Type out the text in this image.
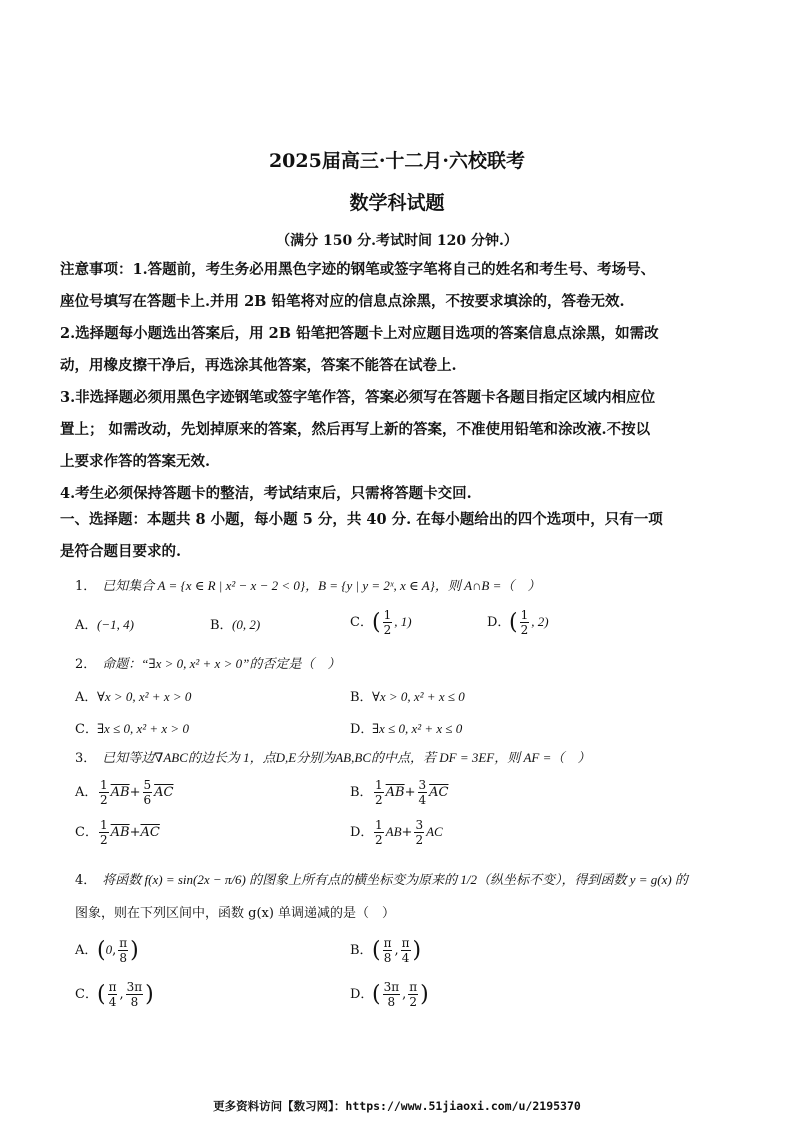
2025届高三·十二月·六校联考
数学科试题
（满分 150 分.考试时间 120 分钟.）
注意事项：1.答题前，考生务必用黑色字迹的钢笔或签字笔将自己的姓名和考生号、考场号、
座位号填写在答题卡上.并用 2B 铅笔将对应的信息点涂黑，不按要求填涂的，答卷无效.
2.选择题每小题选出答案后，用 2B 铅笔把答题卡上对应题目选项的答案信息点涂黑，如需改
动，用橡皮擦干净后，再选涂其他答案，答案不能答在试卷上.
3.非选择题必须用黑色字迹钢笔或签字笔作答，答案必须写在答题卡各题目指定区域内相应位
置上； 如需改动，先划掉原来的答案，然后再写上新的答案，不准使用铅笔和涂改液.不按以
上要求作答的答案无效.
4.考生必须保持答题卡的整洁，考试结束后，只需将答题卡交回.
一、选择题：本题共 8 小题，每小题 5 分，共 40 分. 在每小题给出的四个选项中，只有一项
是符合题目要求的.
1． 已知集合 A = {x ∈ R | x² − x − 2 < 0}，B = {y | y = 2ˣ, x ∈ A}，则 A∩B =（　）
A．(−1, 4)	B．(0, 2)	C．( $\frac{1}{2}$ , 1)	D．( $\frac{1}{2}$ , 2)
2． 命题：“∃x > 0, x² + x > 0”的否定是（　）
A．∀x > 0, x² + x > 0	B．∀x > 0, x² + x ≤ 0
C．∃x ≤ 0, x² + x > 0	D．∃x ≤ 0, x² + x ≤ 0
3． 已知等边∇ABC的边长为 1，点D,E分别为AB,BC的中点，若 DF = 3EF，则 AF =（　）
A． $\frac{1}{2} \overline{AB}+ \frac{5}{6} \overline{AC}$	B． $\frac{1}{2} \overline{AB}+ \frac{3}{4} \overline{AC}$
C． $\frac{1}{2} \overline{AB}+\overline{AC}$	D． $\frac{1}{2} AB+ \frac{3}{2}$ AC
4． 将函数 f(x) = sin(2x − π/6) 的图象上所有点的横坐标变为原来的 1/2（纵坐标不变），得到函数 y = g(x) 的
图象，则在下列区间中，函数 g(x) 单调递减的是（　）
A．(0, $\frac{\pi}{8}$ )	B．( $\frac{\pi}{8}$ , $\frac{\pi}{4}$ )
C．( $\frac{\pi}{4}$ , $\frac{3\pi}{8}$ )	D．( $\frac{3\pi}{8}$ , $\frac{\pi}{2}$ )
更多资料访问【数习网】：https://www.51jiaoxi.com/u/2195370
